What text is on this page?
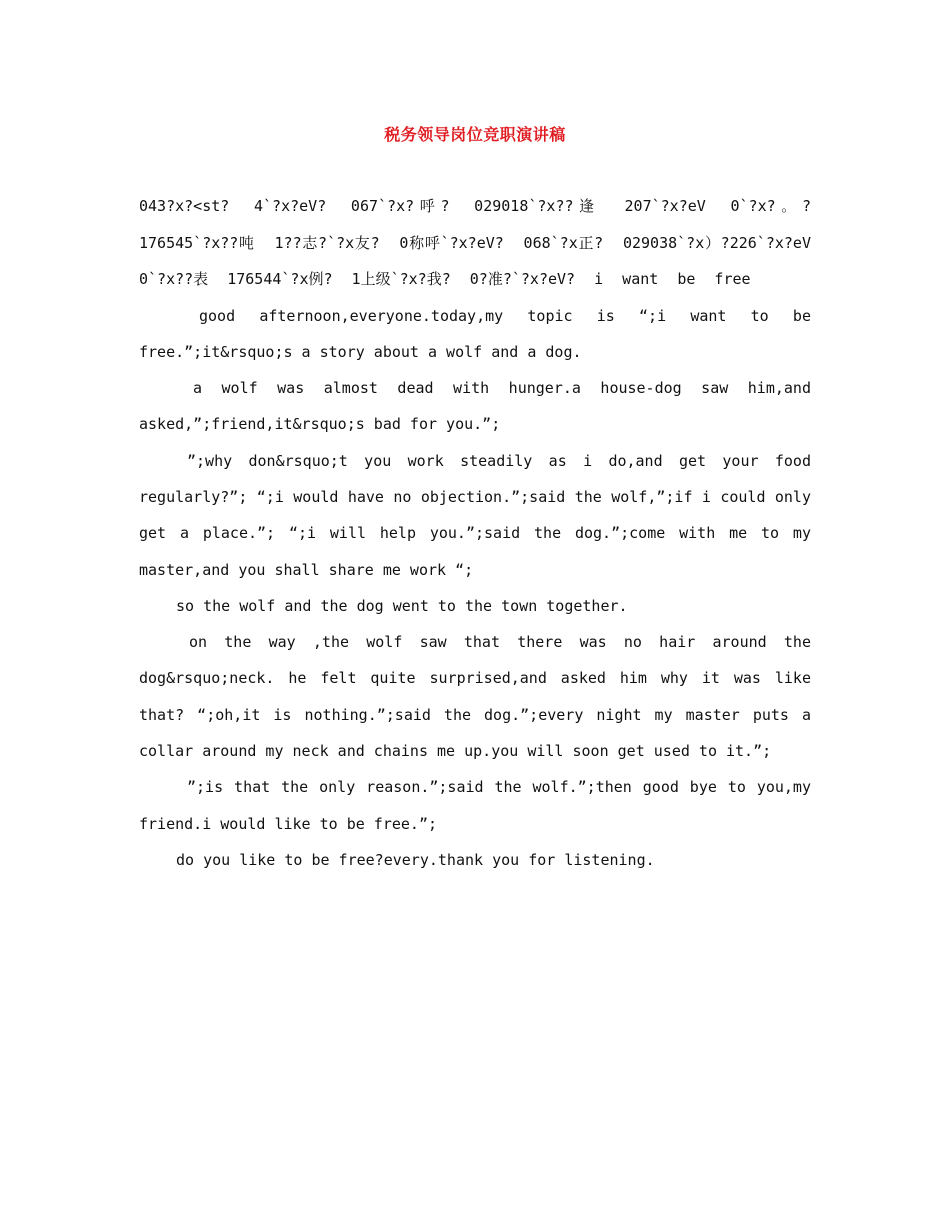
税务领导岗位竞职演讲稿

043?x?<st? 4`?x?eV? 067`?x?呼? 029018`?x??逢 207`?x?eV 0`?x?。?176545`?x??吨 1??志?`?x友? 0称呼`?x?eV? 068`?x正? 029038`?x）?226`?x?eV 0`?x??表 176544`?x例? 1上级`?x?我? 0?准?`?x?eV? i want be free

good afternoon,everyone.today,my topic is “;i want to be free.”;it&rsquo;s a story about a wolf and a dog.

a wolf was almost dead with hunger.a house-dog saw him,and asked,”;friend,it&rsquo;s bad for you.”;

”;why don&rsquo;t you work steadily as i do,and get your food regularly?”; “;i would have no objection.”;said the wolf,”;if i could only get a place.”; “;i will help you.”;said the dog.”;come with me to my master,and you shall share me work “;

so the wolf and the dog went to the town together.

on the way ,the wolf saw that there was no hair around the dog&rsquo;neck. he felt quite surprised,and asked him why it was like that? “;oh,it is nothing.”;said the dog.”;every night my master puts a collar around my neck and chains me up.you will soon get used to it.”;

”;is that the only reason.”;said the wolf.”;then good bye to you,my friend.i would like to be free.”;

do you like to be free?every.thank you for listening.
